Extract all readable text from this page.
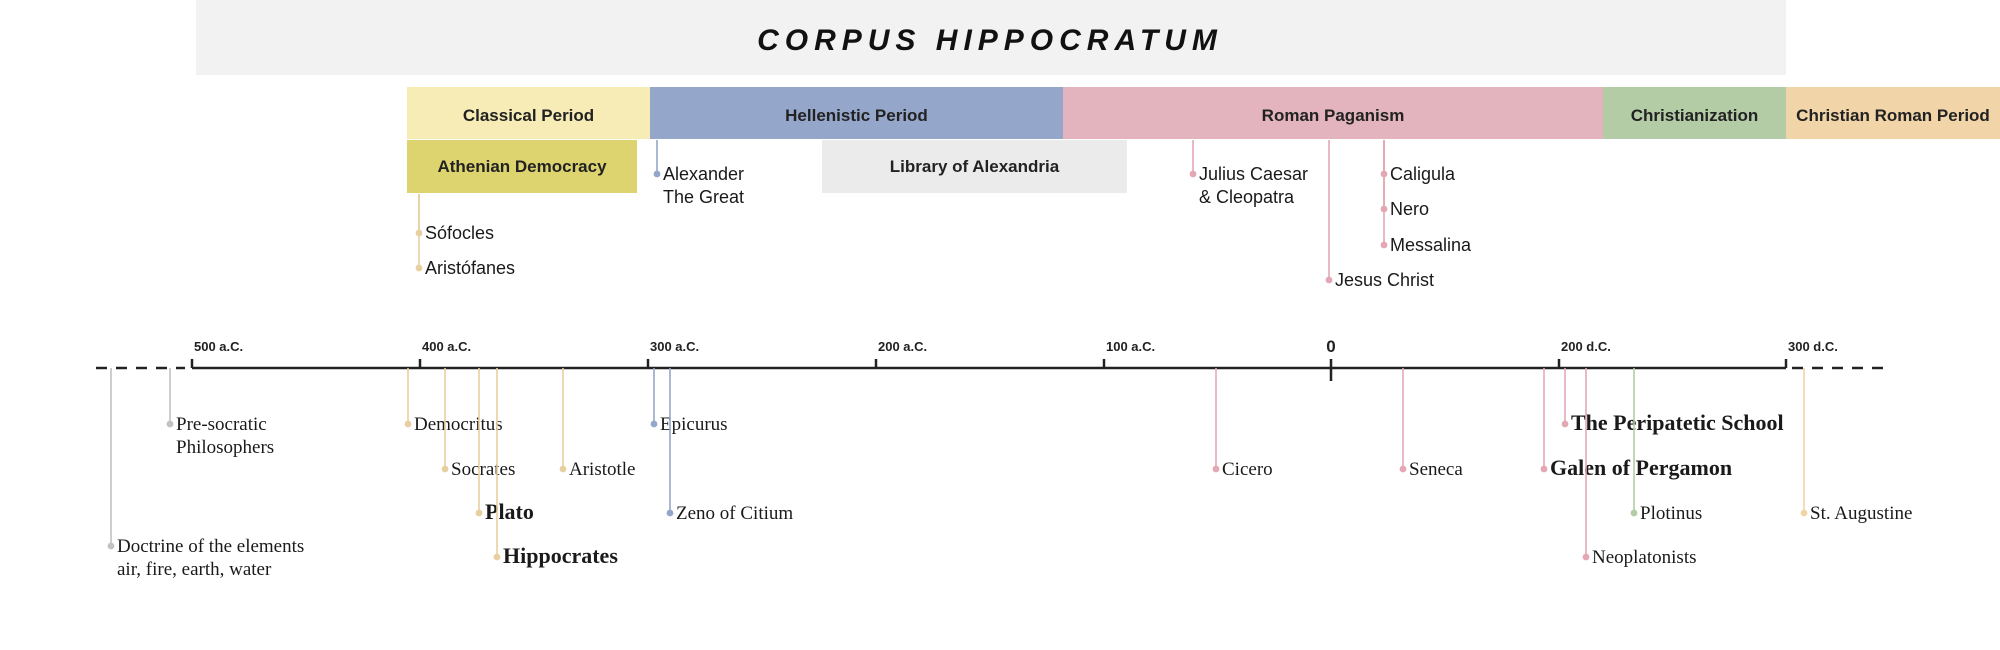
CORPUS HIPPOCRATUM
Classical Period	Hellenistic Period	Roman Paganism	Christianization Christian Roman Period
Athenian Democracy	Library of Alexandria
500 a.C.	400 a.C.	300 a.C.	200 a.C.	100 a.C.	0	200 d.C.	300 d.C.
Alexander
The Great
Sófocles
Aristófanes
Julius Caesar
& Cleopatra
Jesus Christ
Caligula
Nero
Messalina
Pre-socratic
Philosophers
Doctrine of the elements
air, fire, earth, water
Democritus
Socrates
Plato
Hippocrates
Aristotle
Epicurus
Zeno of Citium
Cicero	Seneca	Galen of Pergamon
The Peripatetic School
Neoplatonists
Plotinus	St. Augustine
